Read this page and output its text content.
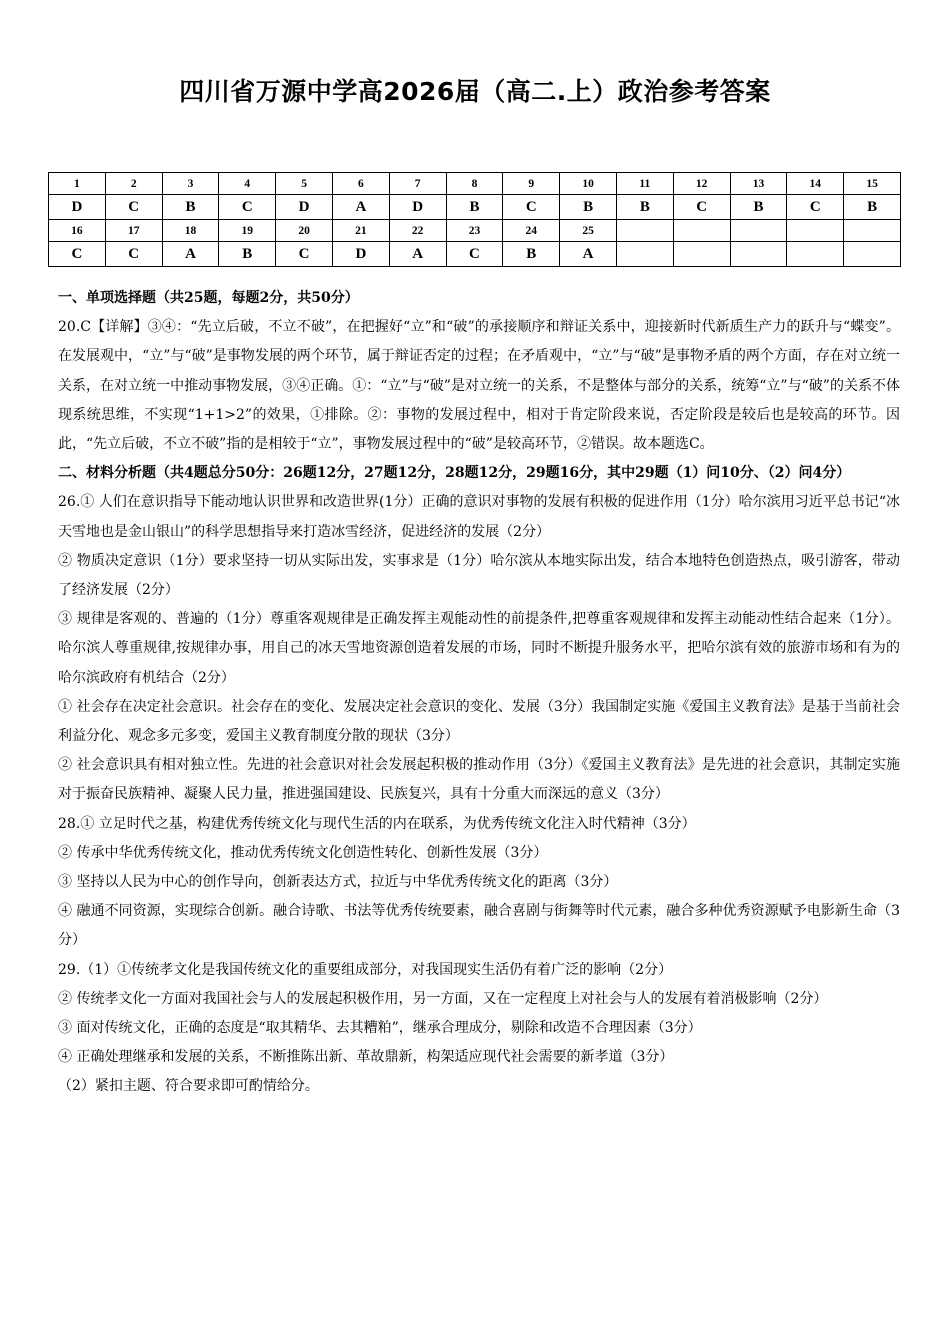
四川省万源中学高2026届（高二.上）政治参考答案
1	2	3	4	5	6	7	8	9	10	11	12	13	14	15
D	C	B	C	D	A	D	B	C	B	B	C	B	C	B
16	17	18	19	20	21	22	23	24	25					
C	C	A	B	C	D	A	C	B	A					

一、单项选择题（共25题，每题2分，共50分）

20.C【详解】③④：“先立后破，不立不破”，在把握好“立”和“破”的承接顺序和辩证关系中，迎接新时代新质生产力的跃升与“蝶变”。在发展观中，“立”与“破”是事物发展的两个环节，属于辩证否定的过程；在矛盾观中，“立”与“破”是事物矛盾的两个方面，存在对立统一关系，在对立统一中推动事物发展，③④正确。①：“立”与“破”是对立统一的关系，不是整体与部分的关系，统筹“立”与“破”的关系不体现系统思维，不实现“1+1>2”的效果，①排除。②：事物的发展过程中，相对于肯定阶段来说，否定阶段是较后也是较高的环节。因此，“先立后破，不立不破”指的是相较于“立”，事物发展过程中的“破”是较高环节，②错误。故本题选C。

二、材料分析题（共4题总分50分：26题12分，27题12分，28题12分，29题16分，其中29题（1）问10分、（2）问4分）

26.① 人们在意识指导下能动地认识世界和改造世界(1分）正确的意识对事物的发展有积极的促进作用（1分）哈尔滨用习近平总书记“冰天雪地也是金山银山”的科学思想指导来打造冰雪经济，促进经济的发展（2分）

② 物质决定意识（1分）要求坚持一切从实际出发，实事求是（1分）哈尔滨从本地实际出发，结合本地特色创造热点，吸引游客，带动了经济发展（2分）

③ 规律是客观的、普遍的（1分）尊重客观规律是正确发挥主观能动性的前提条件,把尊重客观规律和发挥主动能动性结合起来（1分）。哈尔滨人尊重规律,按规律办事，用自己的冰天雪地资源创造着发展的市场，同时不断提升服务水平，把哈尔滨有效的旅游市场和有为的哈尔滨政府有机结合（2分）

① 社会存在决定社会意识。社会存在的变化、发展决定社会意识的变化、发展（3分）我国制定实施《爱国主义教育法》是基于当前社会利益分化、观念多元多变，爱国主义教育制度分散的现状（3分）

② 社会意识具有相对独立性。先进的社会意识对社会发展起积极的推动作用（3分）《爱国主义教育法》是先进的社会意识，其制定实施对于振奋民族精神、凝聚人民力量，推进强国建设、民族复兴，具有十分重大而深远的意义（3分）

28.① 立足时代之基，构建优秀传统文化与现代生活的内在联系，为优秀传统文化注入时代精神（3分）

② 传承中华优秀传统文化，推动优秀传统文化创造性转化、创新性发展（3分）

③ 坚持以人民为中心的创作导向，创新表达方式，拉近与中华优秀传统文化的距离（3分）

④ 融通不同资源，实现综合创新。融合诗歌、书法等优秀传统要素，融合喜剧与街舞等时代元素，融合多种优秀资源赋予电影新生命（3分）

29.（1）①传统孝文化是我国传统文化的重要组成部分，对我国现实生活仍有着广泛的影响（2分）

② 传统孝文化一方面对我国社会与人的发展起积极作用，另一方面，又在一定程度上对社会与人的发展有着消极影响（2分）

③ 面对传统文化，正确的态度是“取其精华、去其糟粕”，继承合理成分，剔除和改造不合理因素（3分）

④ 正确处理继承和发展的关系，不断推陈出新、革故鼎新，构架适应现代社会需要的新孝道（3分）

（2）紧扣主题、符合要求即可酌情给分。
